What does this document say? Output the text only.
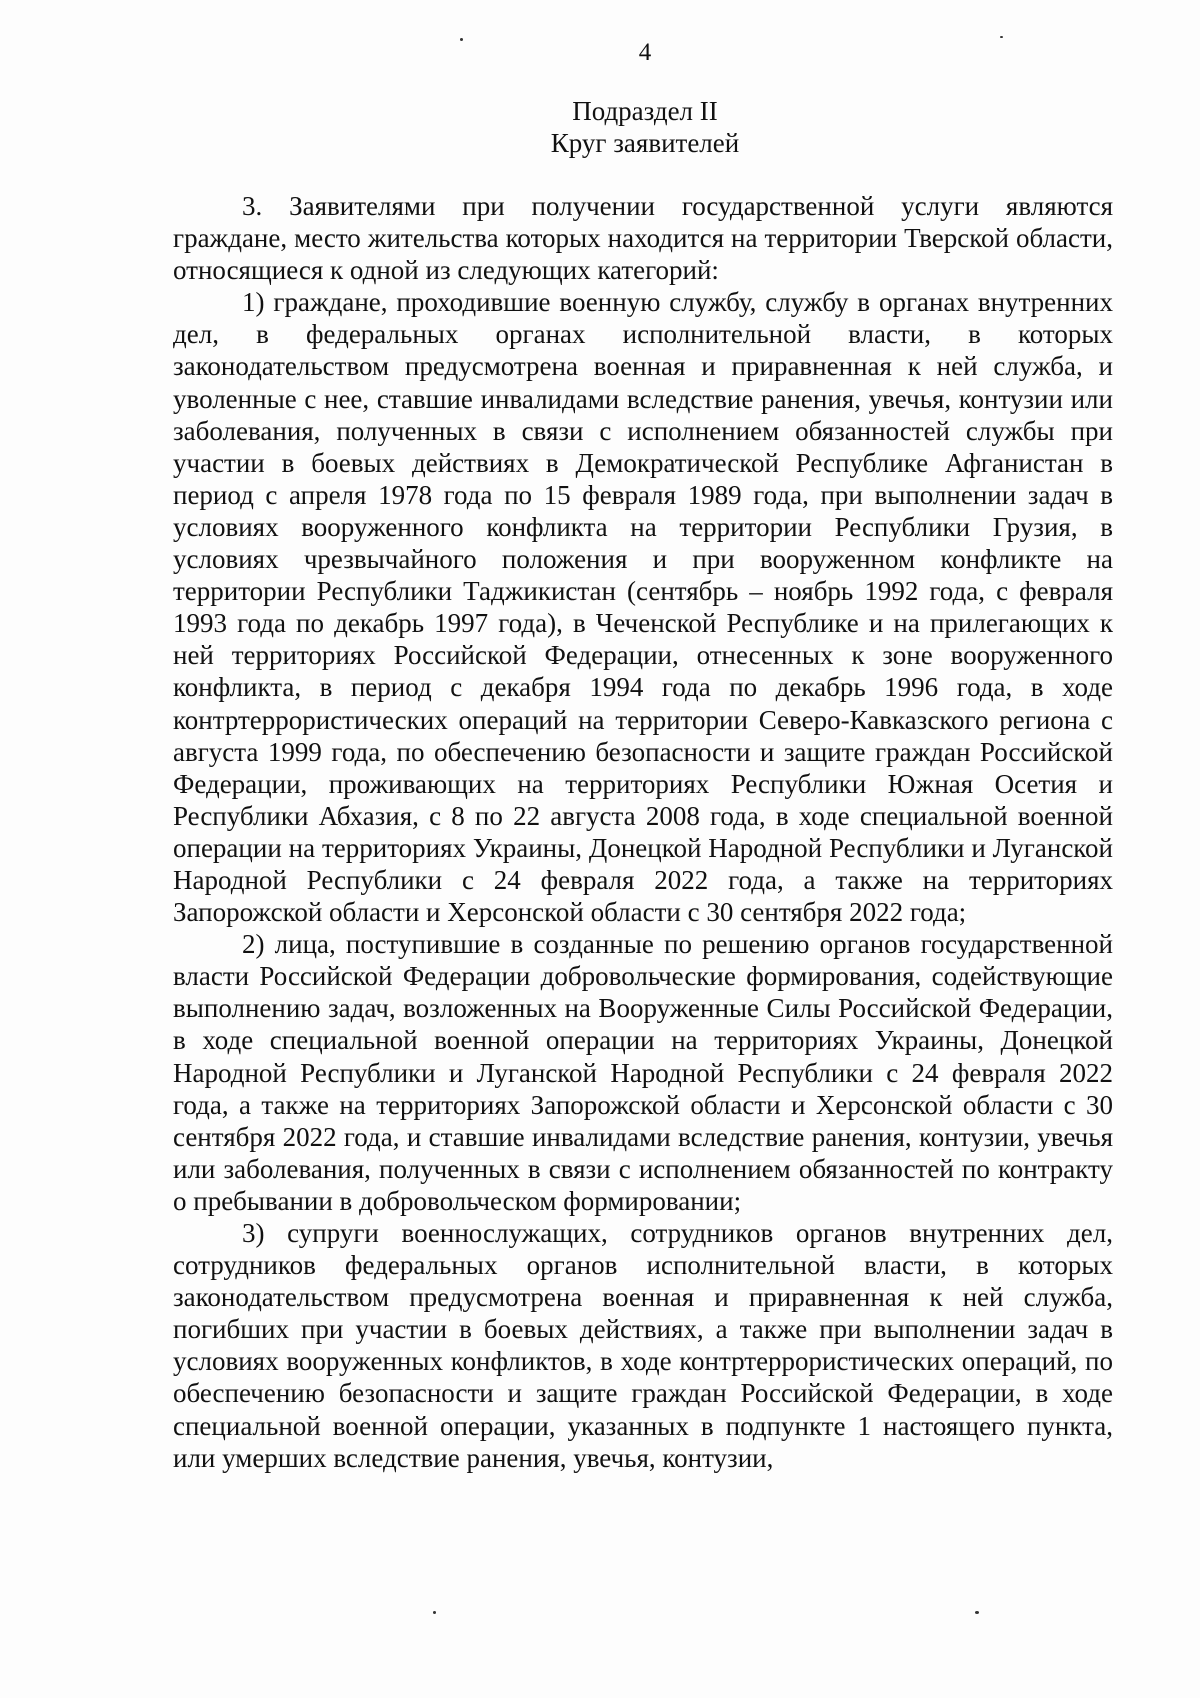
4
Подраздел II
Круг заявителей

3. Заявителями при получении государственной услуги являются граждане, место жительства которых находится на территории Тверской области, относящиеся к одной из следующих категорий:

1) граждане, проходившие военную службу, службу в органах внутренних дел, в федеральных органах исполнительной власти, в которых законодательством предусмотрена военная и приравненная к ней служба, и уволенные с нее, ставшие инвалидами вследствие ранения, увечья, контузии или заболевания, полученных в связи с исполнением обязанностей службы при участии в боевых действиях в Демократической Республике Афганистан в период с апреля 1978 года по 15 февраля 1989 года, при выполнении задач в условиях вооруженного конфликта на территории Республики Грузия, в условиях чрезвычайного положения и при вооруженном конфликте на территории Республики Таджикистан (сентябрь – ноябрь 1992 года, с февраля 1993 года по декабрь 1997 года), в Чеченской Республике и на прилегающих к ней территориях Российской Федерации, отнесенных к зоне вооруженного конфликта, в период с декабря 1994 года по декабрь 1996 года, в ходе контртеррористических операций на территории Северо-Кавказского региона с августа 1999 года, по обеспечению безопасности и защите граждан Российской Федерации, проживающих на территориях Республики Южная Осетия и Республики Абхазия, с 8 по 22 августа 2008 года, в ходе специальной военной операции на территориях Украины, Донецкой Народной Республики и Луганской Народной Республики с 24 февраля 2022 года, а также на территориях Запорожской области и Херсонской области с 30 сентября 2022 года;

2) лица, поступившие в созданные по решению органов государственной власти Российской Федерации добровольческие формирования, содействующие выполнению задач, возложенных на Вооруженные Силы Российской Федерации, в ходе специальной военной операции на территориях Украины, Донецкой Народной Республики и Луганской Народной Республики с 24 февраля 2022 года, а также на территориях Запорожской области и Херсонской области с 30 сентября 2022 года, и ставшие инвалидами вследствие ранения, контузии, увечья или заболевания, полученных в связи с исполнением обязанностей по контракту о пребывании в добровольческом формировании;

3) супруги военнослужащих, сотрудников органов внутренних дел, сотрудников федеральных органов исполнительной власти, в которых законодательством предусмотрена военная и приравненная к ней служба, погибших при участии в боевых действиях, а также при выполнении задач в условиях вооруженных конфликтов, в ходе контртеррористических операций, по обеспечению безопасности и защите граждан Российской Федерации, в ходе специальной военной операции, указанных в подпункте 1 настоящего пункта, или умерших вследствие ранения, увечья, контузии,
